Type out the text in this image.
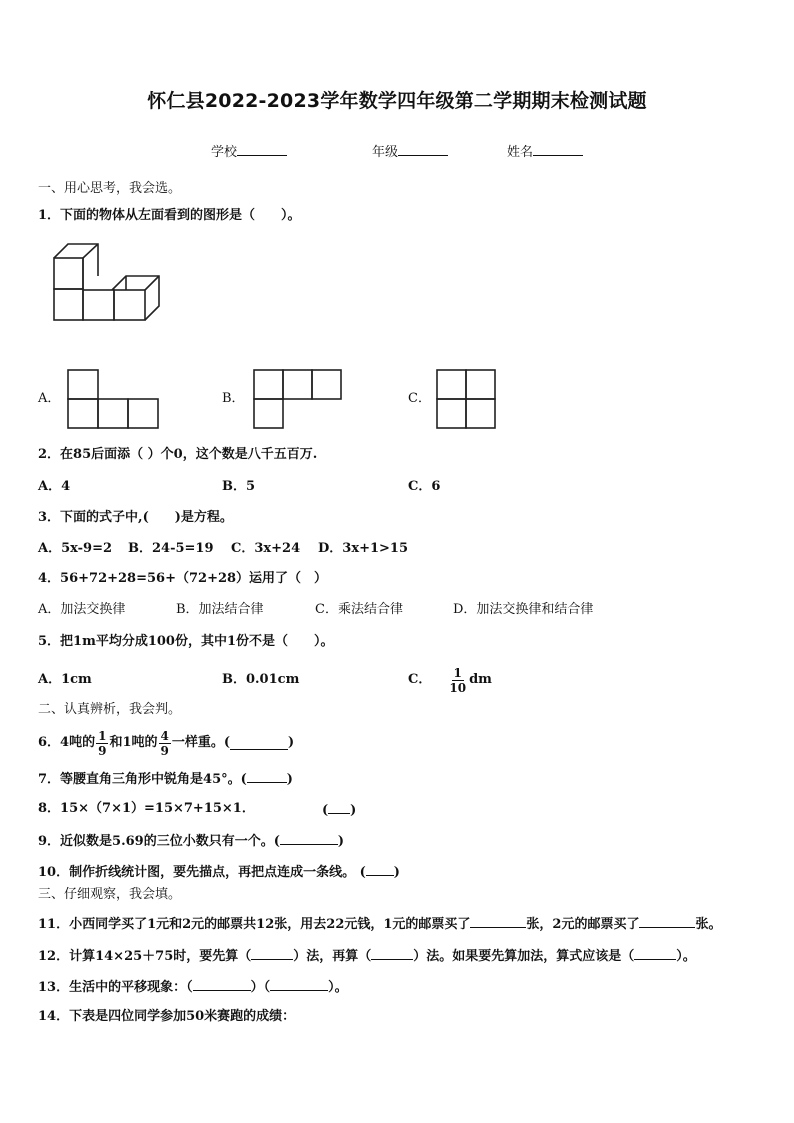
怀仁县2022-2023学年数学四年级第二学期期末检测试题
学校	年级	姓名
一、用心思考，我会选。
1．下面的物体从左面看到的图形是（　　）。
A．	B．	C．
2．在85后面添（ ）个0，这个数是八千五百万.
A．4	B．5	C．6
3．下面的式子中,(　　)是方程。
A．5x-9=2 B．24-5=19 C．3x+24 D．3x+1>15
4．56+72+28=56+（72+28）运用了（　）
A．加法交换律	B．加法结合律	C．乘法结合律	D．加法交换律和结合律
5．把1m平均分成100份，其中1份不是（　　）。
A．1cm	B．0.01cm	C． $\frac{1}{10}$ dm
二、认真辨析，我会判。
6．4吨的 $\frac{1}{9}$ 和1吨的 $\frac{4}{9}$ 一样重。(	)
7．等腰直角三角形中锐角是45°。(	)
8．15×（7×1）=15×7+15×1．	( )
9．近似数是5.69的三位小数只有一个。(	)
10．制作折线统计图，要先描点，再把点连成一条线。 ( )
三、仔细观察，我会填。
11．小西同学买了1元和2元的邮票共12张，用去22元钱，1元的邮票买了	张，2元的邮票买了	张。
12．计算14×25＋75时，要先算（	）法，再算（	）法。如果要先算加法，算式应该是（	）。
13．生活中的平移现象：（	）（	）。
14．下表是四位同学参加50米赛跑的成绩：
